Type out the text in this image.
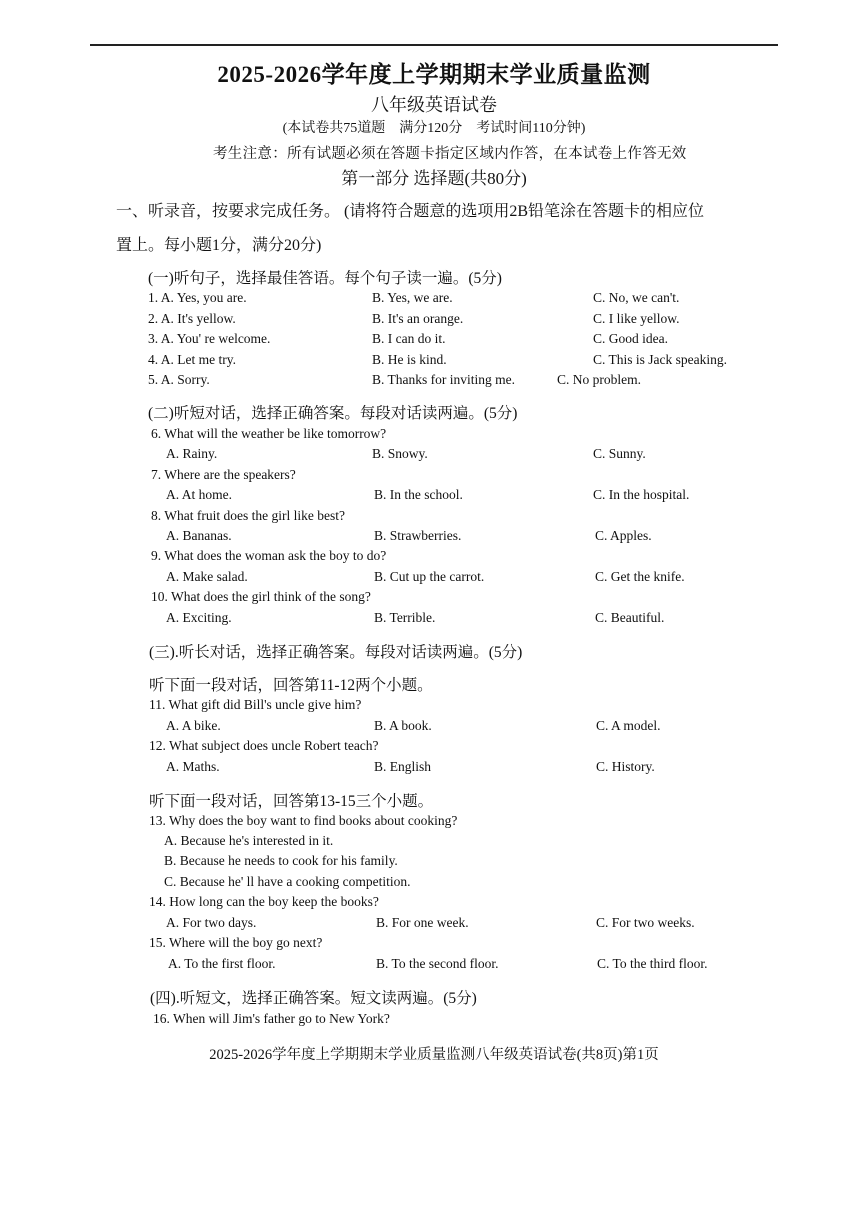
2025-2026学年度上学期期末学业质量监测
八年级英语试卷
(本试卷共75道题　满分120分　考试时间110分钟)
考生注意：所有试题必须在答题卡指定区域内作答，在本试卷上作答无效
第一部分 选择题(共80分)
一、听录音，按要求完成任务。 (请将符合题意的选项用2B铅笔涂在答题卡的相应位
置上。每小题1分，满分20分)
(一)听句子，选择最佳答语。每个句子读一遍。(5分)
1. A. Yes, you are.	B. Yes, we are.	C. No, we can't.
2. A. It's yellow.	B. It's an orange.	C. I like yellow.
3. A. You' re welcome.	B. I can do it.	C. Good idea.
4. A. Let me try.	B. He is kind.	C. This is Jack speaking.
5. A. Sorry.	B. Thanks for inviting me.	C. No problem.
(二)听短对话，选择正确答案。每段对话读两遍。(5分)
6. What will the weather be like tomorrow?
A. Rainy.	B. Snowy.	C. Sunny.
7. Where are the speakers?
A. At home.	B. In the school.	C. In the hospital.
8. What fruit does the girl like best?
A. Bananas.	B. Strawberries.	C. Apples.
9. What does the woman ask the boy to do?
A. Make salad.	B. Cut up the carrot.	C. Get the knife.
10. What does the girl think of the song?
A. Exciting.	B. Terrible.	C. Beautiful.
(三).听长对话，选择正确答案。每段对话读两遍。(5分)
听下面一段对话，回答第11-12两个小题。
11. What gift did Bill's uncle give him?
A. A bike.	B. A book.	C. A model.
12. What subject does uncle Robert teach?
A. Maths.	B. English	C. History.
听下面一段对话，回答第13-15三个小题。
13. Why does the boy want to find books about cooking?
A. Because he's interested in it.
B. Because he needs to cook for his family.
C. Because he' ll have a cooking competition.
14. How long can the boy keep the books?
A. For two days.	B. For one week.	C. For two weeks.
15. Where will the boy go next?
A. To the first floor.	B. To the second floor.	C. To the third floor.
(四).听短文，选择正确答案。短文读两遍。(5分)
16. When will Jim's father go to New York?
2025-2026学年度上学期期末学业质量监测八年级英语试卷(共8页)第1页
